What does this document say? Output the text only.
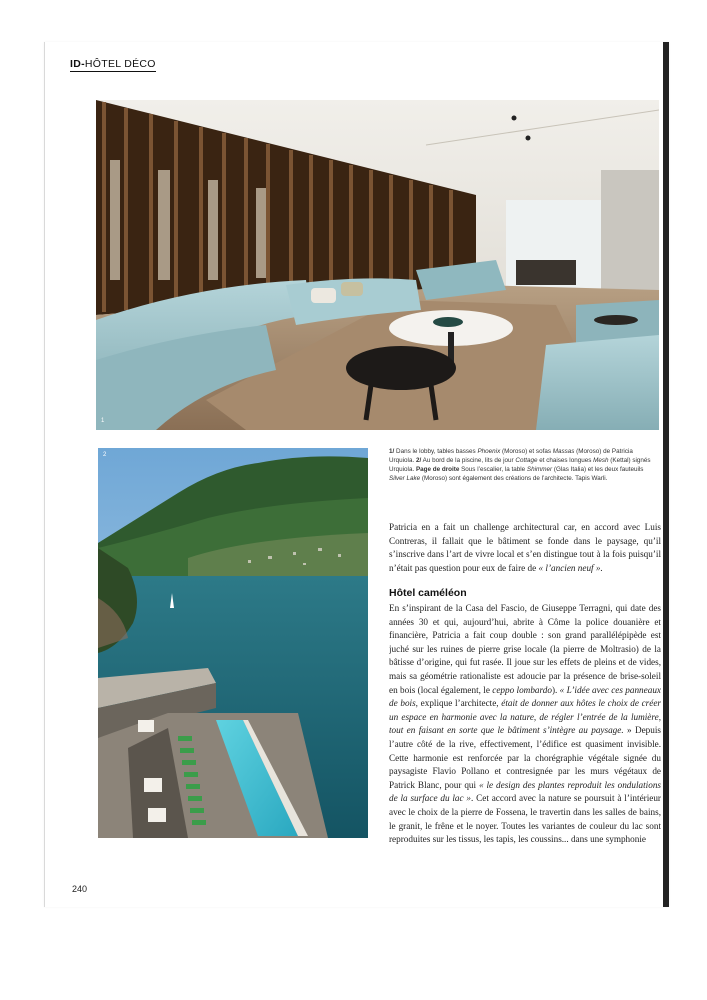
ID-HÔTEL DÉCO
1
2	1/ Dans le lobby, tables basses Phoenix (Moroso) et sofas Massas (Moroso) de Patricia Urquiola. 2/ Au bord de la piscine, lits de jour Cottage et chaises longues Mesh (Kettal) signés Urquiola. Page de droite Sous l’escalier, la table Shimmer (Glas Italia) et les deux fauteuils Silver Lake (Moroso) sont également des créations de l’architecte. Tapis Warli.
Patricia en a fait un challenge architectural car, en accord avec Luis Contreras, il fallait que le bâtiment se fonde dans le paysage, qu’il s’inscrive dans l’art de vivre local et s’en distingue tout à la fois puisqu’il n’était pas question pour eux de faire de « l’ancien neuf ».
Hôtel caméléon
En s’inspirant de la Casa del Fascio, de Giuseppe Terragni, qui date des années 30 et qui, aujourd’hui, abrite à Côme la police douanière et financière, Patricia a fait coup double : son grand parallélépipède est juché sur les ruines de pierre grise locale (la pierre de Moltrasio) de la bâtisse d’origine, qui fut rasée. Il joue sur les effets de pleins et de vides, mais sa géométrie rationaliste est adoucie par la présence de brise-soleil en bois (local également, le ceppo lombardo). « L’idée avec ces panneaux de bois, explique l’architecte, était de donner aux hôtes le choix de créer un espace en harmonie avec la nature, de régler l’entrée de la lumière, tout en faisant en sorte que le bâtiment s’intègre au paysage. » Depuis l’autre côté de la rive, effectivement, l’édifice est quasiment invisible. Cette harmonie est renforcée par la chorégraphie végétale signée du paysagiste Flavio Pollano et contresignée par les murs végétaux de Patrick Blanc, pour qui « le design des plantes reproduit les ondulations de la surface du lac ». Cet accord avec la nature se poursuit à l’intérieur avec le choix de la pierre de Fossena, le travertin dans les salles de bains, le granit, le frêne et le noyer. Toutes les variantes de couleur du lac sont reproduites sur les tissus, les tapis, les coussins... dans une symphonie
240
